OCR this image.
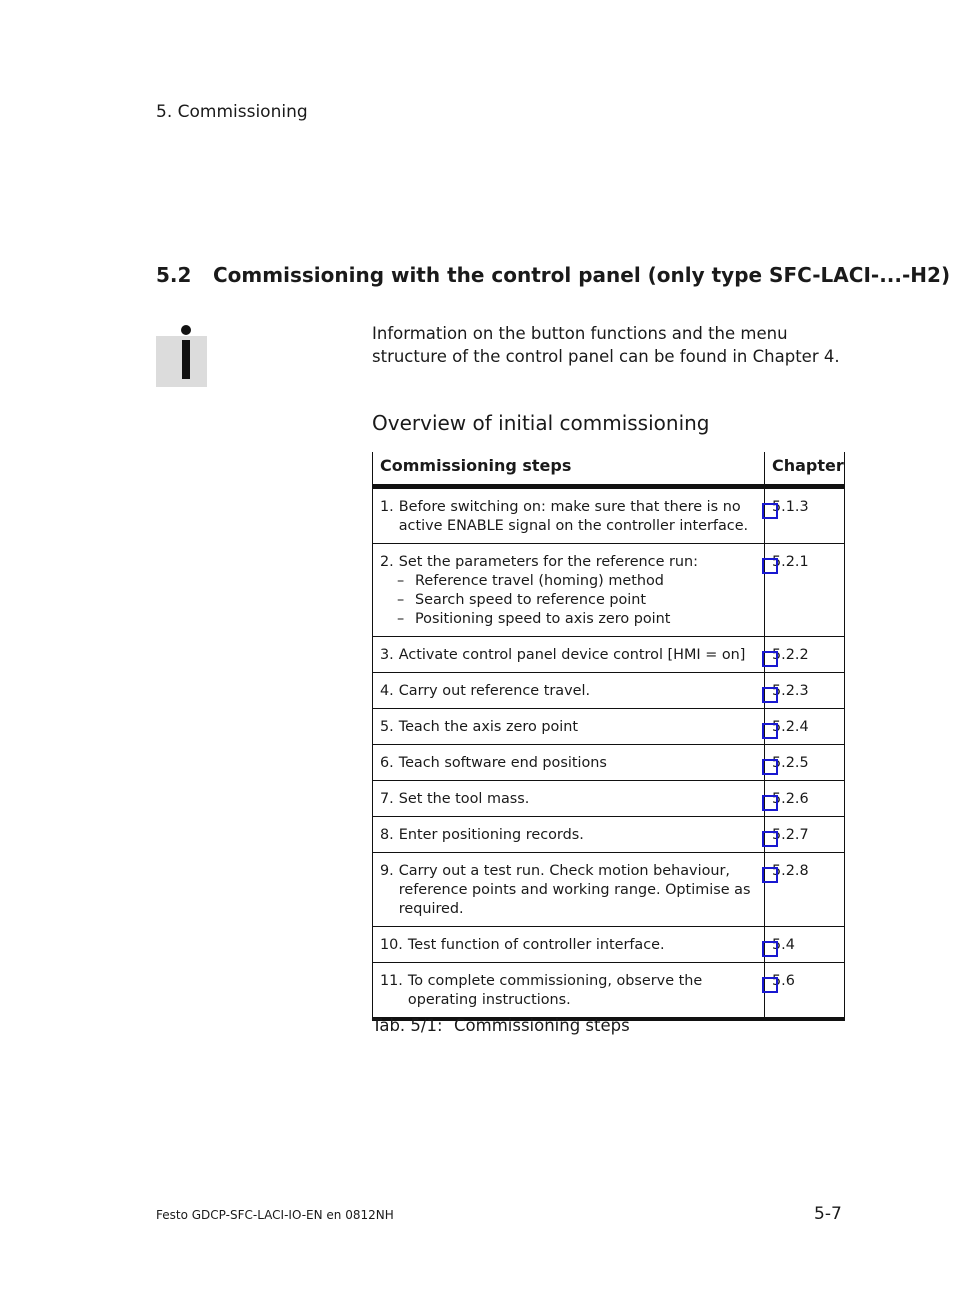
5. Commissioning
5.2 Commissioning with the control panel (only type SFC-LACI-...-H2)
Information on the button functions and the menu structure of the control panel can be found in Chapter 4.
Overview of initial commissioning
Commissioning steps	Chapter

1. Before switching on: make sure that there is no active ENABLE signal on the controller interface.	5.1.3

2. Set the parameters for the reference run:
– Reference travel (homing) method
– Search speed to reference point
– Positioning speed to axis zero point	5.2.1

3. Activate control panel device control [HMI = on]	5.2.2

4. Carry out reference travel.	5.2.3

5. Teach the axis zero point	5.2.4

6. Teach software end positions	5.2.5

7. Set the tool mass.	5.2.6

8. Enter positioning records.	5.2.7

9. Carry out a test run. Check motion behaviour, reference points and working range. Optimise as required.	5.2.8

10. Test function of controller interface.	5.4

11. To complete commissioning, observe the operating instructions.	5.6
Tab. 5/1: Commissioning steps
Festo GDCP-SFC-LACI-IO-EN en 0812NH	5-7
